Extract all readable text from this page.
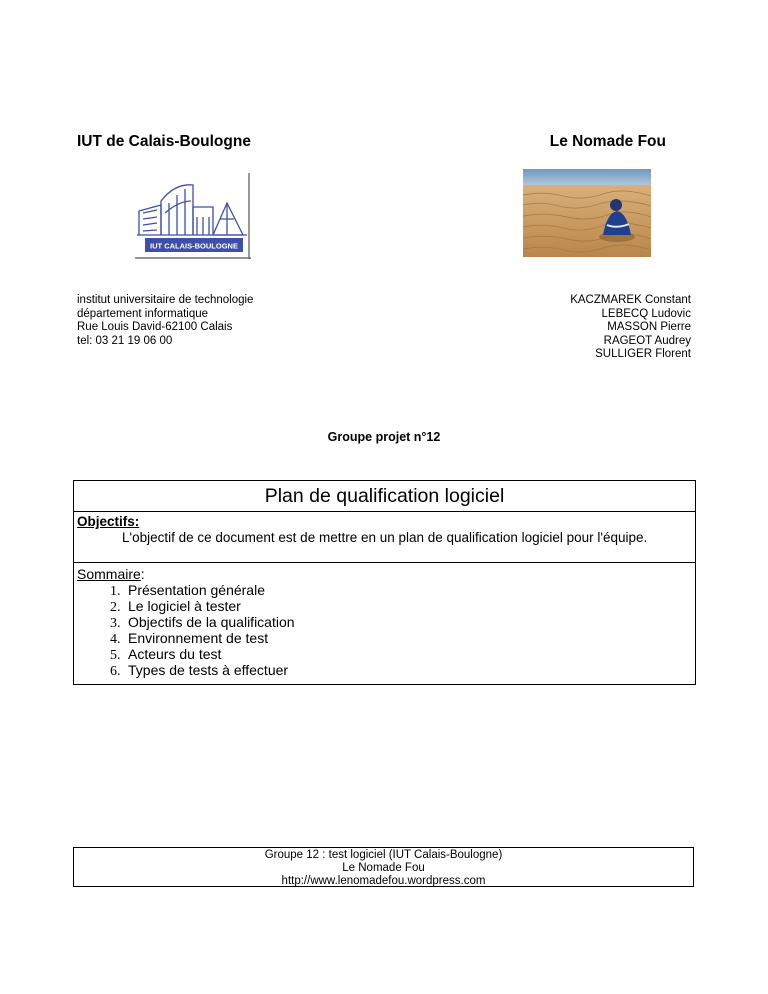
IUT de Calais-Boulogne	Le Nomade Fou
IUT CALAIS-BOULOGNE
institut universitaire de technologie
département informatique
Rue Louis David-62100 Calais
tel: 03 21 19 06 00
KACZMAREK Constant
LEBECQ Ludovic
MASSON Pierre
RAGEOT Audrey
SULLIGER Florent
Groupe projet n°12
Plan de qualification logiciel
Objectifs:
L'objectif de ce document est de mettre en un plan de qualification logiciel pour l'équipe.
Sommaire:
1. Présentation générale
2. Le logiciel à tester
3. Objectifs de la qualification
4. Environnement de test
5. Acteurs du test
6. Types de tests à effectuer
Groupe 12 : test logiciel (IUT Calais-Boulogne)
Le Nomade Fou
http://www.lenomadefou.wordpress.com
